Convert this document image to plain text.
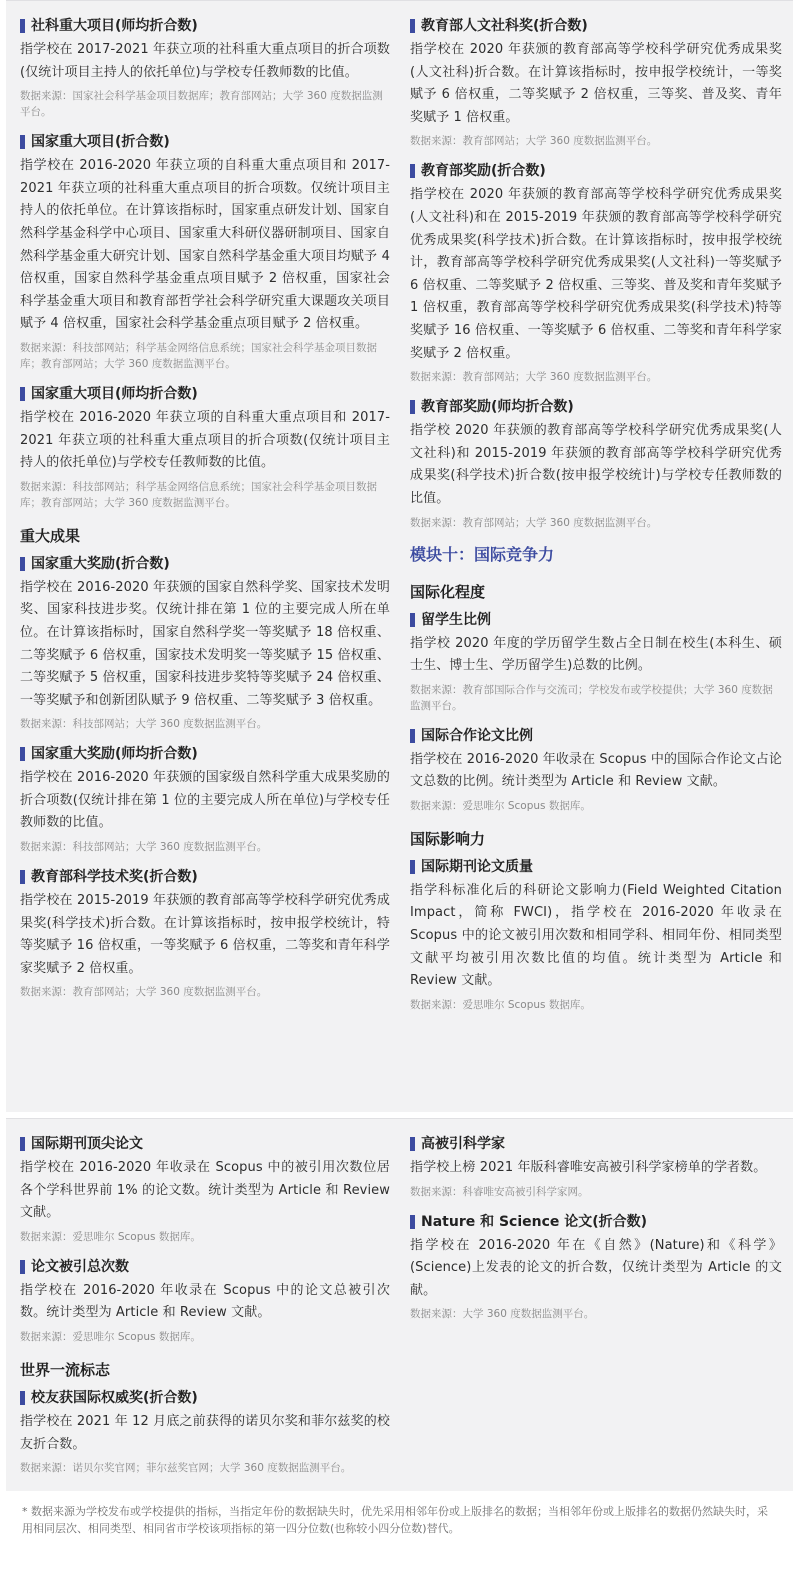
社科重大项目(师均折合数)
指学校在 2017-2021 年获立项的社科重大重点项目的折合项数(仅统计项目主持人的依托单位)与学校专任教师数的比值。
数据来源：国家社会科学基金项目数据库；教育部网站；大学 360 度数据监测平台。
国家重大项目(折合数)
指学校在 2016-2020 年获立项的自科重大重点项目和 2017-2021 年获立项的社科重大重点项目的折合项数。仅统计项目主持人的依托单位。在计算该指标时，国家重点研发计划、国家自然科学基金科学中心项目、国家重大科研仪器研制项目、国家自然科学基金重大研究计划、国家自然科学基金重大项目均赋予 4 倍权重，国家自然科学基金重点项目赋予 2 倍权重，国家社会科学基金重大项目和教育部哲学社会科学研究重大课题攻关项目赋予 4 倍权重，国家社会科学基金重点项目赋予 2 倍权重。
数据来源：科技部网站；科学基金网络信息系统；国家社会科学基金项目数据库；教育部网站；大学 360 度数据监测平台。
国家重大项目(师均折合数)
指学校在 2016-2020 年获立项的自科重大重点项目和 2017-2021 年获立项的社科重大重点项目的折合项数(仅统计项目主持人的依托单位)与学校专任教师数的比值。
数据来源：科技部网站；科学基金网络信息系统；国家社会科学基金项目数据库；教育部网站；大学 360 度数据监测平台。
重大成果
国家重大奖励(折合数)
指学校在 2016-2020 年获颁的国家自然科学奖、国家技术发明奖、国家科技进步奖。仅统计排在第 1 位的主要完成人所在单位。在计算该指标时，国家自然科学奖一等奖赋予 18 倍权重、二等奖赋予 6 倍权重，国家技术发明奖一等奖赋予 15 倍权重、二等奖赋予 5 倍权重，国家科技进步奖特等奖赋予 24 倍权重、一等奖赋予和创新团队赋予 9 倍权重、二等奖赋予 3 倍权重。
数据来源：科技部网站；大学 360 度数据监测平台。
国家重大奖励(师均折合数)
指学校在 2016-2020 年获颁的国家级自然科学重大成果奖励的折合项数(仅统计排在第 1 位的主要完成人所在单位)与学校专任教师数的比值。
数据来源：科技部网站；大学 360 度数据监测平台。
教育部科学技术奖(折合数)
指学校在 2015-2019 年获颁的教育部高等学校科学研究优秀成果奖(科学技术)折合数。在计算该指标时，按申报学校统计，特等奖赋予 16 倍权重，一等奖赋予 6 倍权重，二等奖和青年科学家奖赋予 2 倍权重。
数据来源：教育部网站；大学 360 度数据监测平台。
教育部人文社科奖(折合数)
指学校在 2020 年获颁的教育部高等学校科学研究优秀成果奖(人文社科)折合数。在计算该指标时，按申报学校统计，一等奖赋予 6 倍权重，二等奖赋予 2 倍权重，三等奖、普及奖、青年奖赋予 1 倍权重。
数据来源：教育部网站；大学 360 度数据监测平台。
教育部奖励(折合数)
指学校在 2020 年获颁的教育部高等学校科学研究优秀成果奖(人文社科)和在 2015-2019 年获颁的教育部高等学校科学研究优秀成果奖(科学技术)折合数。在计算该指标时，按申报学校统计，教育部高等学校科学研究优秀成果奖(人文社科)一等奖赋予 6 倍权重、二等奖赋予 2 倍权重、三等奖、普及奖和青年奖赋予 1 倍权重，教育部高等学校科学研究优秀成果奖(科学技术)特等奖赋予 16 倍权重、一等奖赋予 6 倍权重、二等奖和青年科学家奖赋予 2 倍权重。
数据来源：教育部网站；大学 360 度数据监测平台。
教育部奖励(师均折合数)
指学校 2020 年获颁的教育部高等学校科学研究优秀成果奖(人文社科)和 2015-2019 年获颁的教育部高等学校科学研究优秀成果奖(科学技术)折合数(按申报学校统计)与学校专任教师数的比值。
数据来源：教育部网站；大学 360 度数据监测平台。
模块十：国际竞争力
国际化程度
留学生比例
指学校 2020 年度的学历留学生数占全日制在校生(本科生、硕士生、博士生、学历留学生)总数的比例。
数据来源：教育部国际合作与交流司；学校发布或学校提供；大学 360 度数据监测平台。
国际合作论文比例
指学校在 2016-2020 年收录在 Scopus 中的国际合作论文占论文总数的比例。统计类型为 Article 和 Review 文献。
数据来源：爱思唯尔 Scopus 数据库。
国际影响力
国际期刊论文质量
指学科标准化后的科研论文影响力(Field Weighted Citation Impact，简称 FWCI)，指学校在 2016-2020 年收录在 Scopus 中的论文被引用次数和相同学科、相同年份、相同类型文献平均被引用次数比值的均值。统计类型为 Article 和 Review 文献。
数据来源：爱思唯尔 Scopus 数据库。
国际期刊顶尖论文
指学校在 2016-2020 年收录在 Scopus 中的被引用次数位居各个学科世界前 1% 的论文数。统计类型为 Article 和 Review 文献。
数据来源：爱思唯尔 Scopus 数据库。
论文被引总次数
指学校在 2016-2020 年收录在 Scopus 中的论文总被引次数。统计类型为 Article 和 Review 文献。
数据来源：爱思唯尔 Scopus 数据库。
世界一流标志
校友获国际权威奖(折合数)
指学校在 2021 年 12 月底之前获得的诺贝尔奖和菲尔兹奖的校友折合数。
数据来源：诺贝尔奖官网；菲尔兹奖官网；大学 360 度数据监测平台。
高被引科学家
指学校上榜 2021 年版科睿唯安高被引科学家榜单的学者数。
数据来源：科睿唯安高被引科学家网。
Nature 和 Science 论文(折合数)
指学校在 2016-2020 年在《自然》(Nature)和《科学》(Science)上发表的论文的折合数，仅统计类型为 Article 的文献。
数据来源：大学 360 度数据监测平台。
* 数据来源为学校发布或学校提供的指标，当指定年份的数据缺失时，优先采用相邻年份或上版排名的数据；当相邻年份或上版排名的数据仍然缺失时，采用相同层次、相同类型、相同省市学校该项指标的第一四分位数(也称较小四分位数)替代。
